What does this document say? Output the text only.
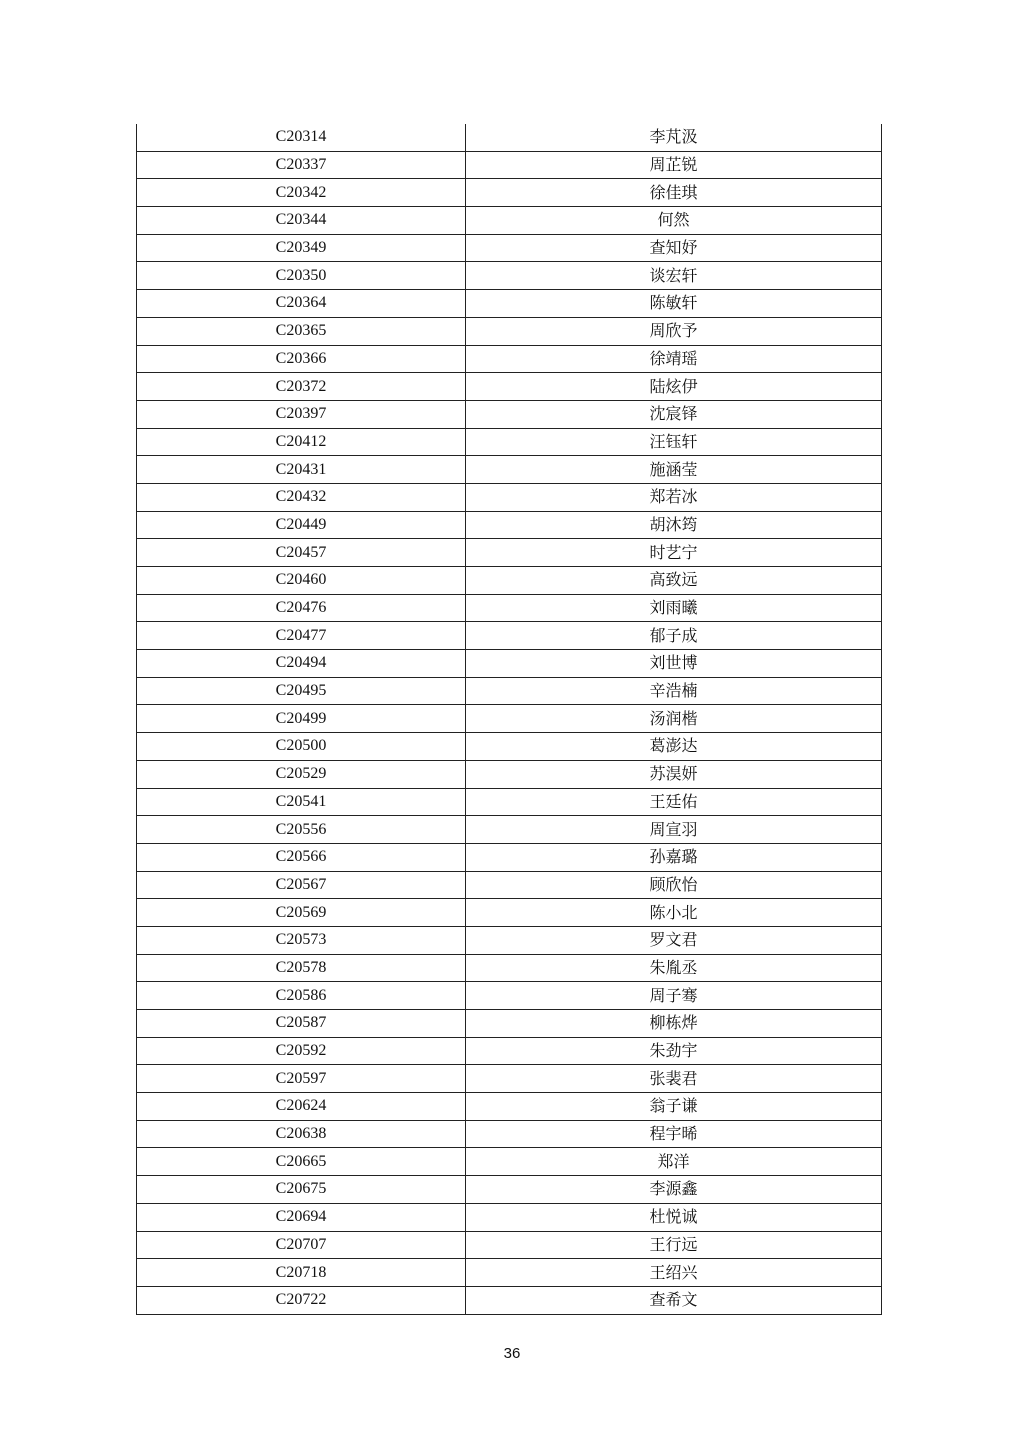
C20314	李芃汲
C20337	周芷锐
C20342	徐佳琪
C20344	何然
C20349	查知妤
C20350	谈宏轩
C20364	陈敏轩
C20365	周欣予
C20366	徐靖瑶
C20372	陆炫伊
C20397	沈宸铎
C20412	汪钰轩
C20431	施涵莹
C20432	郑若冰
C20449	胡沐筠
C20457	时艺宁
C20460	高致远
C20476	刘雨曦
C20477	郁子成
C20494	刘世博
C20495	辛浩楠
C20499	汤润楷
C20500	葛澎达
C20529	苏淏妍
C20541	王廷佑
C20556	周宣羽
C20566	孙嘉璐
C20567	顾欣怡
C20569	陈小北
C20573	罗文君
C20578	朱胤丞
C20586	周子骞
C20587	柳栋烨
C20592	朱劲宇
C20597	张裴君
C20624	翁子谦
C20638	程宇晞
C20665	郑洋
C20675	李源鑫
C20694	杜悦诚
C20707	王行远
C20718	王绍兴
C20722	查希文
36
